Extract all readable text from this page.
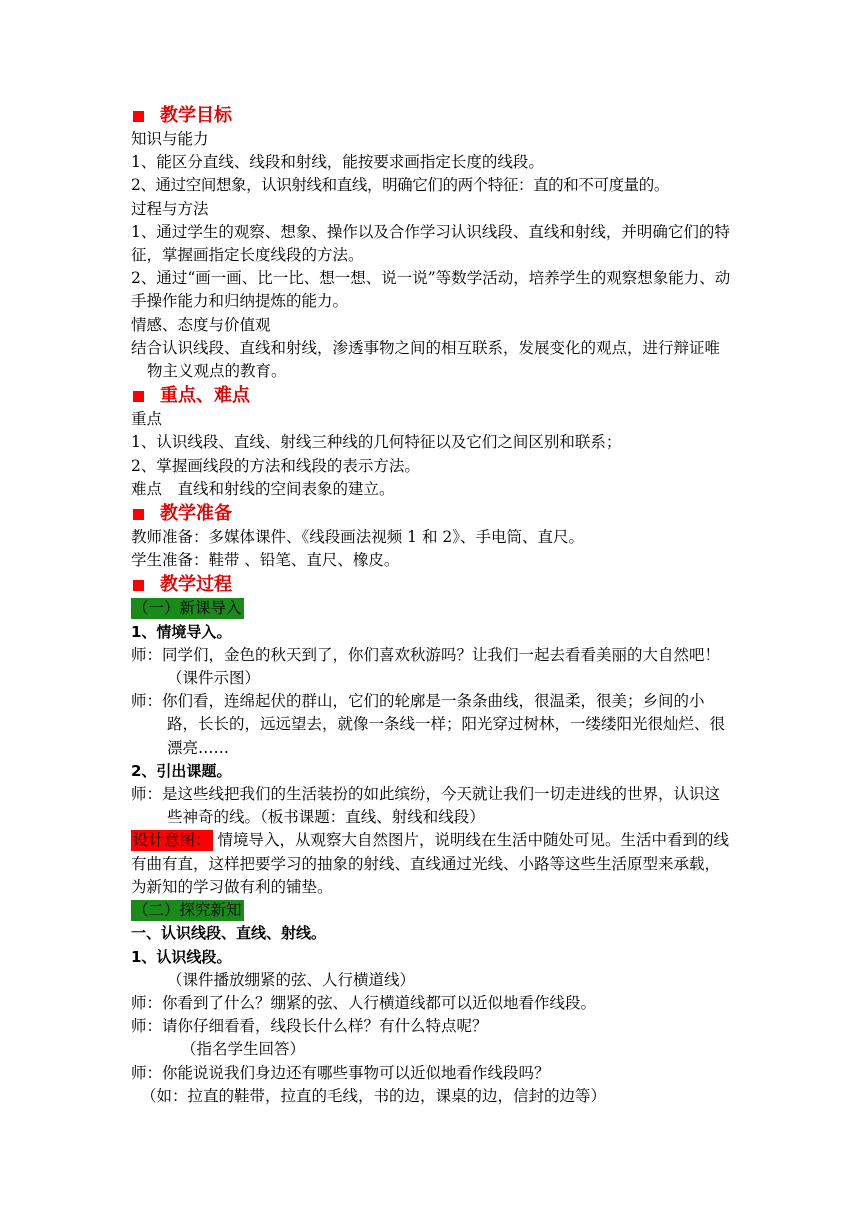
教学目标
知识与能力
1、能区分直线、线段和射线，能按要求画指定长度的线段。
2、通过空间想象，认识射线和直线，明确它们的两个特征：直的和不可度量的。
过程与方法
1、通过学生的观察、想象、操作以及合作学习认识线段、直线和射线，并明确它们的特征，掌握画指定长度线段的方法。
2、通过“画一画、比一比、想一想、说一说”等数学活动，培养学生的观察想象能力、动手操作能力和归纳提炼的能力。
情感、态度与价值观
结合认识线段、直线和射线，渗透事物之间的相互联系，发展变化的观点，进行辩证唯物主义观点的教育。
重点、难点
重点
1、认识线段、直线、射线三种线的几何特征以及它们之间区别和联系；
2、掌握画线段的方法和线段的表示方法。
难点　直线和射线的空间表象的建立。
教学准备
教师准备：多媒体课件、《线段画法视频 1 和 2》、手电筒、直尺。
学生准备：鞋带 、铅笔、直尺、橡皮。
教学过程
（一）新课导入
1、情境导入。
师：同学们，金色的秋天到了，你们喜欢秋游吗？让我们一起去看看美丽的大自然吧！（课件示图）
师：你们看，连绵起伏的群山，它们的轮廓是一条条曲线，很温柔，很美；乡间的小路，长长的，远远望去，就像一条线一样；阳光穿过树林，一缕缕阳光很灿烂、很漂亮……
2、引出课题。
师：是这些线把我们的生活装扮的如此缤纷，今天就让我们一切走进线的世界，认识这些神奇的线。（板书课题：直线、射线和线段）
设计意图： 情境导入，从观察大自然图片，说明线在生活中随处可见。生活中看到的线有曲有直，这样把要学习的抽象的射线、直线通过光线、小路等这些生活原型来承载，为新知的学习做有利的铺垫。
（二）探究新知
一、认识线段、直线、射线。
1、认识线段。
（课件播放绷紧的弦、人行横道线）
师：你看到了什么？绷紧的弦、人行横道线都可以近似地看作线段。
师：请你仔细看看，线段长什么样？有什么特点呢？
（指名学生回答）
师：你能说说我们身边还有哪些事物可以近似地看作线段吗？
（如：拉直的鞋带，拉直的毛线，书的边，课桌的边，信封的边等）
